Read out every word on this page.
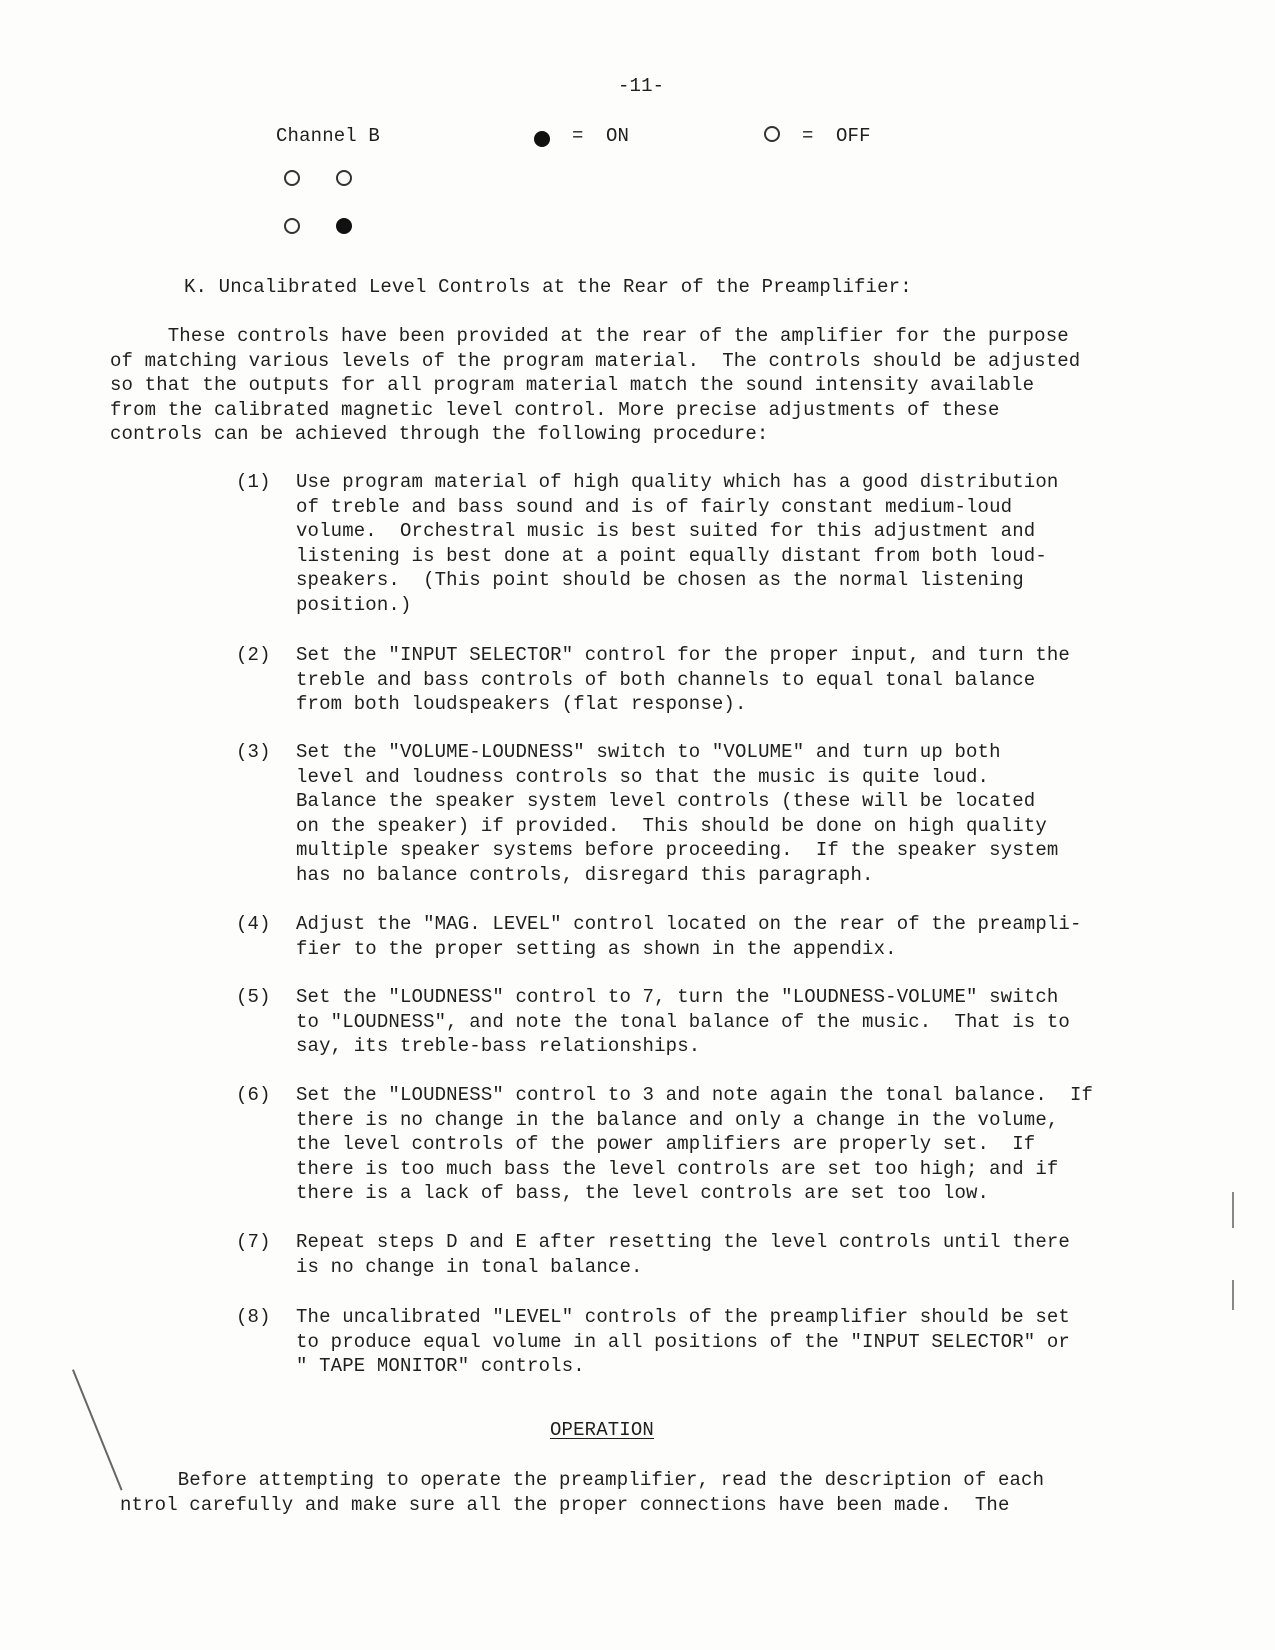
-11-
Channel B	= ON	= OFF
K. Uncalibrated Level Controls at the Rear of the Preamplifier:
These controls have been provided at the rear of the amplifier for the purpose
of matching various levels of the program material.  The controls should be adjusted
so that the outputs for all program material match the sound intensity available
from the calibrated magnetic level control. More precise adjustments of these
controls can be achieved through the following procedure:
(1)	Use program material of high quality which has a good distribution
of treble and bass sound and is of fairly constant medium-loud
volume.  Orchestral music is best suited for this adjustment and
listening is best done at a point equally distant from both loud-
speakers.  (This point should be chosen as the normal listening
position.)
(2)	Set the "INPUT SELECTOR" control for the proper input, and turn the
treble and bass controls of both channels to equal tonal balance
from both loudspeakers (flat response).
(3)	Set the "VOLUME-LOUDNESS" switch to "VOLUME" and turn up both
level and loudness controls so that the music is quite loud.
Balance the speaker system level controls (these will be located
on the speaker) if provided.  This should be done on high quality
multiple speaker systems before proceeding.  If the speaker system
has no balance controls, disregard this paragraph.
(4)	Adjust the "MAG. LEVEL" control located on the rear of the preampli-
fier to the proper setting as shown in the appendix.
(5)	Set the "LOUDNESS" control to 7, turn the "LOUDNESS-VOLUME" switch
to "LOUDNESS", and note the tonal balance of the music.  That is to
say, its treble-bass relationships.
(6)	Set the "LOUDNESS" control to 3 and note again the tonal balance.  If
there is no change in the balance and only a change in the volume,
the level controls of the power amplifiers are properly set.  If
there is too much bass the level controls are set too high; and if
there is a lack of bass, the level controls are set too low.
(7)	Repeat steps D and E after resetting the level controls until there
is no change in tonal balance.
(8)	The uncalibrated "LEVEL" controls of the preamplifier should be set
to produce equal volume in all positions of the "INPUT SELECTOR" or
" TAPE MONITOR" controls.
OPERATION
Before attempting to operate the preamplifier, read the description of each
ntrol carefully and make sure all the proper connections have been made.  The
